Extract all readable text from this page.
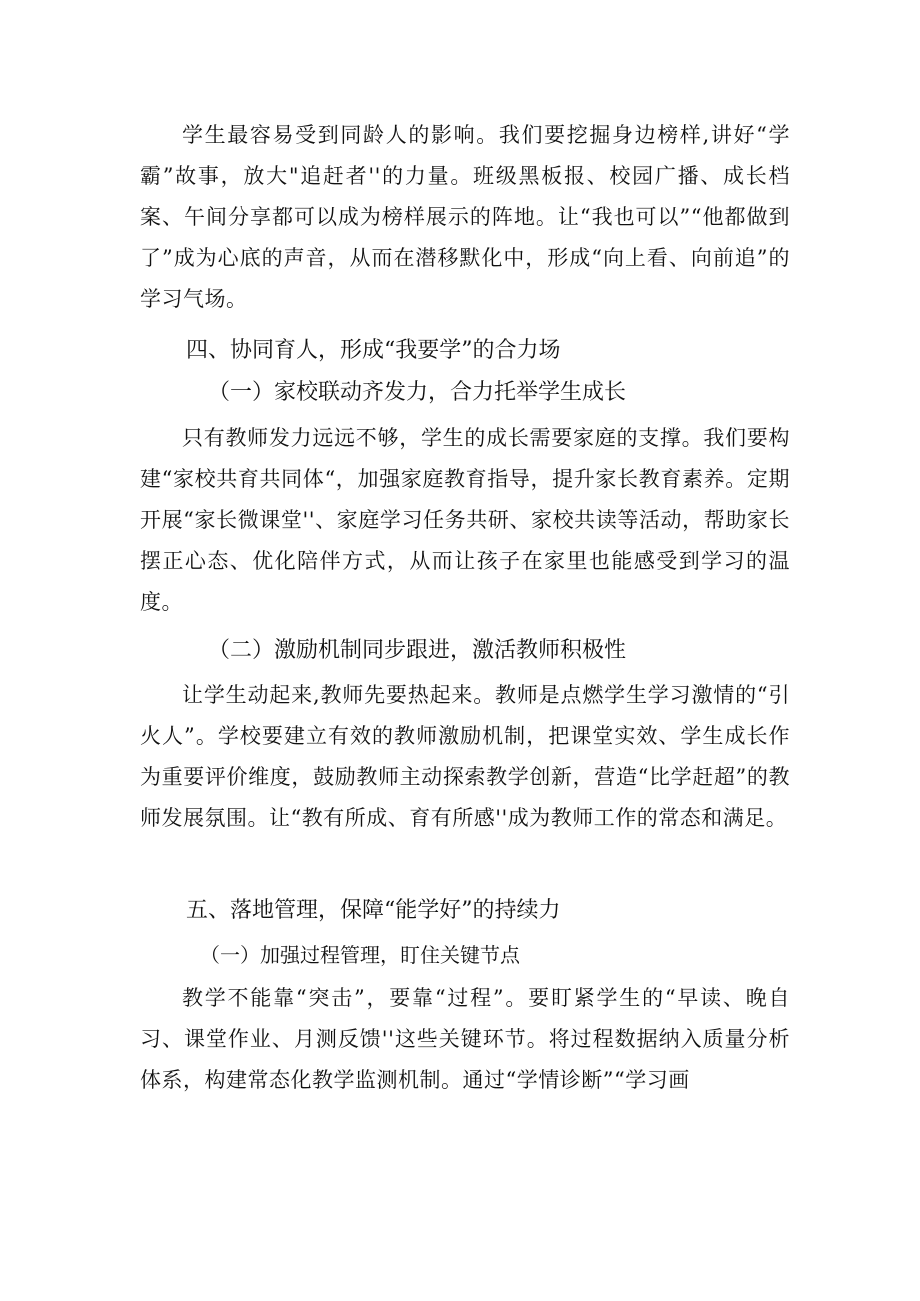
学生最容易受到同龄人的影响。我们要挖掘身边榜样,讲好“学霸”故事，放大"追赶者''的力量。班级黑板报、校园广播、成长档案、午间分享都可以成为榜样展示的阵地。让“我也可以”“他都做到了”成为心底的声音，从而在潜移默化中，形成“向上看、向前追”的学习气场。

四、协同育人，形成“我要学”的合力场
（一）家校联动齐发力，合力托举学生成长

只有教师发力远远不够，学生的成长需要家庭的支撑。我们要构建“家校共育共同体“，加强家庭教育指导，提升家长教育素养。定期开展“家长微课堂''、家庭学习任务共研、家校共读等活动，帮助家长摆正心态、优化陪伴方式，从而让孩子在家里也能感受到学习的温度。

（二）激励机制同步跟进，激活教师积极性

让学生动起来,教师先要热起来。教师是点燃学生学习激情的“引火人”。学校要建立有效的教师激励机制，把课堂实效、学生成长作为重要评价维度，鼓励教师主动探索教学创新，营造“比学赶超”的教师发展氛围。让“教有所成、育有所感''成为教师工作的常态和满足。

五、落地管理，保障“能学好”的持续力
（一）加强过程管理，盯住关键节点

教学不能靠“突击”，要靠“过程”。要盯紧学生的“早读、晚自习、课堂作业、月测反馈''这些关键环节。将过程数据纳入质量分析体系，构建常态化教学监测机制。通过“学情诊断”“学习画
